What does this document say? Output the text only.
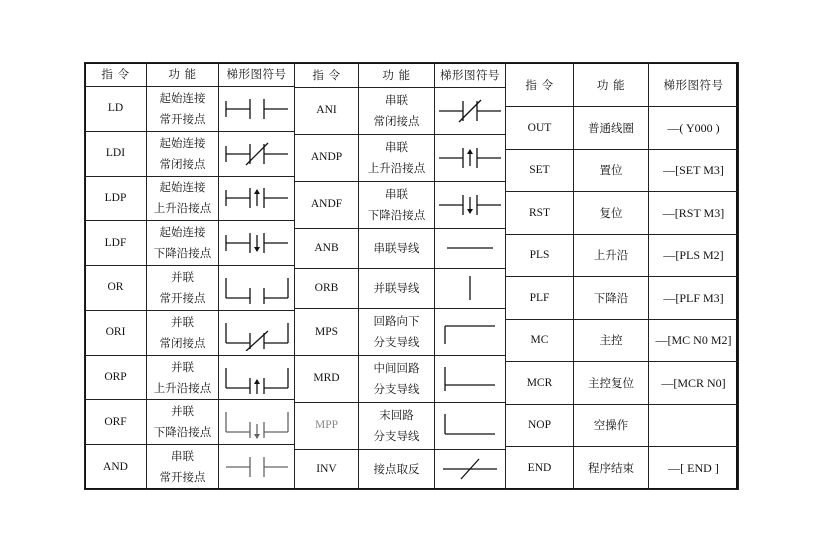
指 令	功 能	梯形图符号
LD	起始连接
常开接点

LDI	起始连接
常闭接点

LDP	起始连接
上升沿接点

LDF	起始连接
下降沿接点

OR	并联
常开接点

ORI	并联
常闭接点

ORP	并联
上升沿接点

ORF	并联
下降沿接点

AND	串联
常开接点

指 令	功 能	梯形图符号
ANI	串联
常闭接点

ANDP	串联
上升沿接点

ANDF	串联
下降沿接点

ANB	串联导线

ORB	并联导线

MPS	回路向下
分支导线

MRD	中间回路
分支导线

MPP	末回路
分支导线

INV	接点取反

指 令	功 能	梯形图符号
OUT	普通线圈	—( Y000 )
SET	置位	—[SET M3]
RST	复位	—[RST M3]
PLS	上升沿	—[PLS M2]
PLF	下降沿	—[PLF M3]
MC	主控	—[MC N0 M2]
MCR	主控复位	—[MCR N0]
NOP	空操作	

END	程序结束	—[ END ]
